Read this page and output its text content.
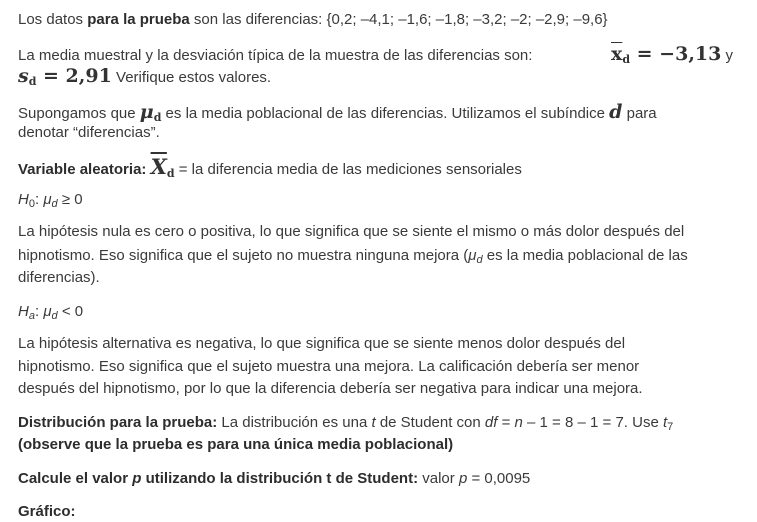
Los datos para la prueba son las diferencias: {0,2; –4,1; –1,6; –1,8; –3,2; –2; –2,9; –9,6}
La media muestral y la desviación típica de la muestra de las diferencias son:	$\overline{x}_d = -3,13$ y
$s_d = 2,91$ Verifique estos valores.
Supongamos que $\mu_d$ es la media poblacional de las diferencias. Utilizamos el subíndice d para
denotar “diferencias”.
Variable aleatoria: $\overline{X}_d$ = la diferencia media de las mediciones sensoriales
$H_0$: $\mu_d \ge 0$
La hipótesis nula es cero o positiva, lo que significa que se siente el mismo o más dolor después del
hipnotismo. Eso significa que el sujeto no muestra ninguna mejora ($\mu_d$ es la media poblacional de las
diferencias).
$H_a$: $\mu_d < 0$
La hipótesis alternativa es negativa, lo que significa que se siente menos dolor después del
hipnotismo. Eso significa que el sujeto muestra una mejora. La calificación debería ser menor
después del hipnotismo, por lo que la diferencia debería ser negativa para indicar una mejora.
Distribución para la prueba: La distribución es una t de Student con df = n – 1 = 8 – 1 = 7. Use $t_7$
(observe que la prueba es para una única media poblacional)
Calcule el valor p utilizando la distribución t de Student: valor p = 0,0095
Gráfico:
